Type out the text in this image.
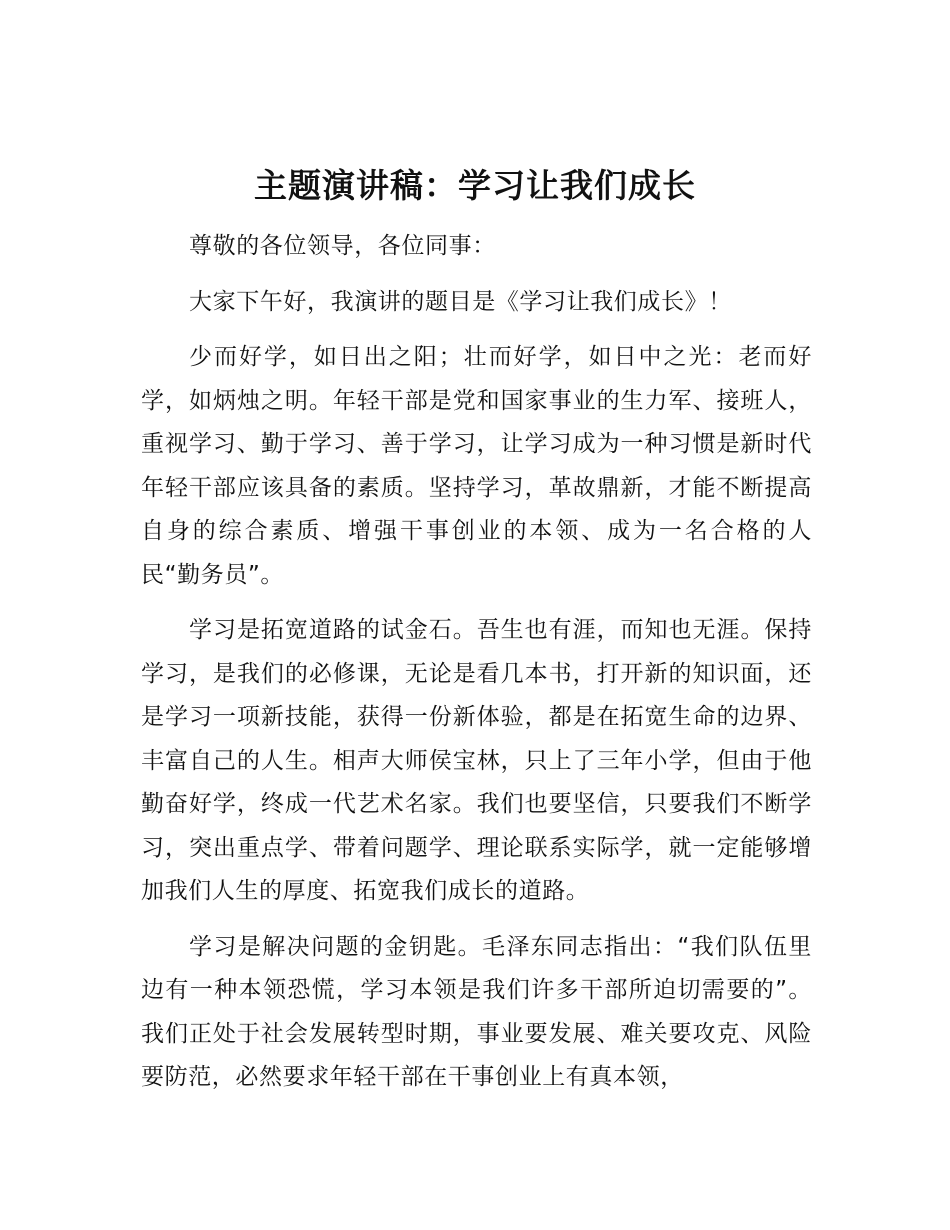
主题演讲稿：学习让我们成长

尊敬的各位领导，各位同事：

大家下午好，我演讲的题目是《学习让我们成长》！

少而好学，如日出之阳；壮而好学，如日中之光：老而好学，如炳烛之明。年轻干部是党和国家事业的生力军、接班人，重视学习、勤于学习、善于学习，让学习成为一种习惯是新时代年轻干部应该具备的素质。坚持学习，革故鼎新，才能不断提高自身的综合素质、增强干事创业的本领、成为一名合格的人民“勤务员”。

学习是拓宽道路的试金石。吾生也有涯，而知也无涯。保持学习，是我们的必修课，无论是看几本书，打开新的知识面，还是学习一项新技能，获得一份新体验，都是在拓宽生命的边界、丰富自己的人生。相声大师侯宝林，只上了三年小学，但由于他勤奋好学，终成一代艺术名家。我们也要坚信，只要我们不断学习，突出重点学、带着问题学、理论联系实际学，就一定能够增加我们人生的厚度、拓宽我们成长的道路。

学习是解决问题的金钥匙。毛泽东同志指出：“我们队伍里边有一种本领恐慌，学习本领是我们许多干部所迫切需要的”。我们正处于社会发展转型时期，事业要发展、难关要攻克、风险要防范，必然要求年轻干部在干事创业上有真本领，
